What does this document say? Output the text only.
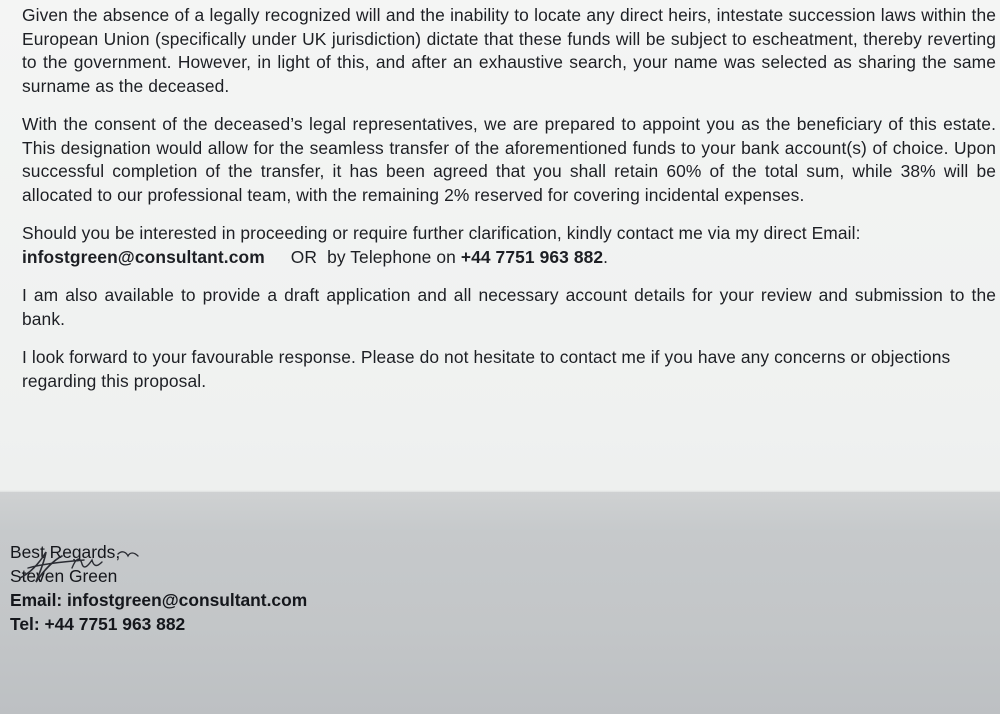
Given the absence of a legally recognized will and the inability to locate any direct heirs, intestate succession laws within the European Union (specifically under UK jurisdiction) dictate that these funds will be subject to escheatment, thereby reverting to the government. However, in light of this, and after an exhaustive search, your name was selected as sharing the same surname as the deceased.

With the consent of the deceased’s legal representatives, we are prepared to appoint you as the beneficiary of this estate. This designation would allow for the seamless transfer of the aforementioned funds to your bank account(s) of choice. Upon successful completion of the transfer, it has been agreed that you shall retain 60% of the total sum, while 38% will be allocated to our professional team, with the remaining 2% reserved for covering incidental expenses.

Should you be interested in proceeding or require further clarification, kindly contact me via my direct Email:
infostgreen@consultant.com OR by Telephone on +44 7751 963 882.

I am also available to provide a draft application and all necessary account details for your review and submission to the bank.

I look forward to your favourable response. Please do not hesitate to contact me if you have any concerns or objections regarding this proposal.

Best Regards,
Steven Green
Email: infostgreen@consultant.com
Tel: +44 7751 963 882
